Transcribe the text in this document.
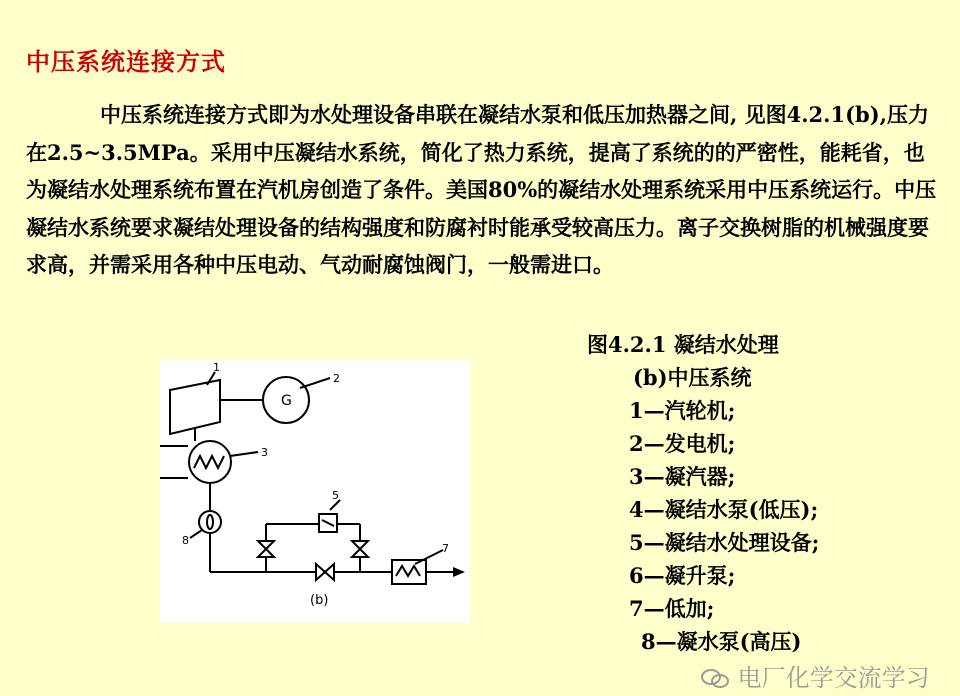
中压系统连接方式

中压系统连接方式即为水处理设备串联在凝结水泵和低压加热器之间, 见图4.2.1(b),压力在2.5~3.5MPa。采用中压凝结水系统，简化了热力系统，提高了系统的的严密性，能耗省，也为凝结水处理系统布置在汽机房创造了条件。美国80%的凝结水处理系统采用中压系统运行。中压凝结水系统要求凝结处理设备的结构强度和防腐衬时能承受较高压力。离子交换树脂的机械强度要求高，并需采用各种中压电动、气动耐腐蚀阀门，一般需进口。

1
2
3
5
7
8
G
(b)
图4.2.1 凝结水处理
(b)中压系统
1—汽轮机;
2—发电机;
3—凝汽器;
4—凝结水泵(低压);
5—凝结水处理设备;
6—凝升泵;
7—低加;
8—凝水泵(高压)
电厂化学交流学习
